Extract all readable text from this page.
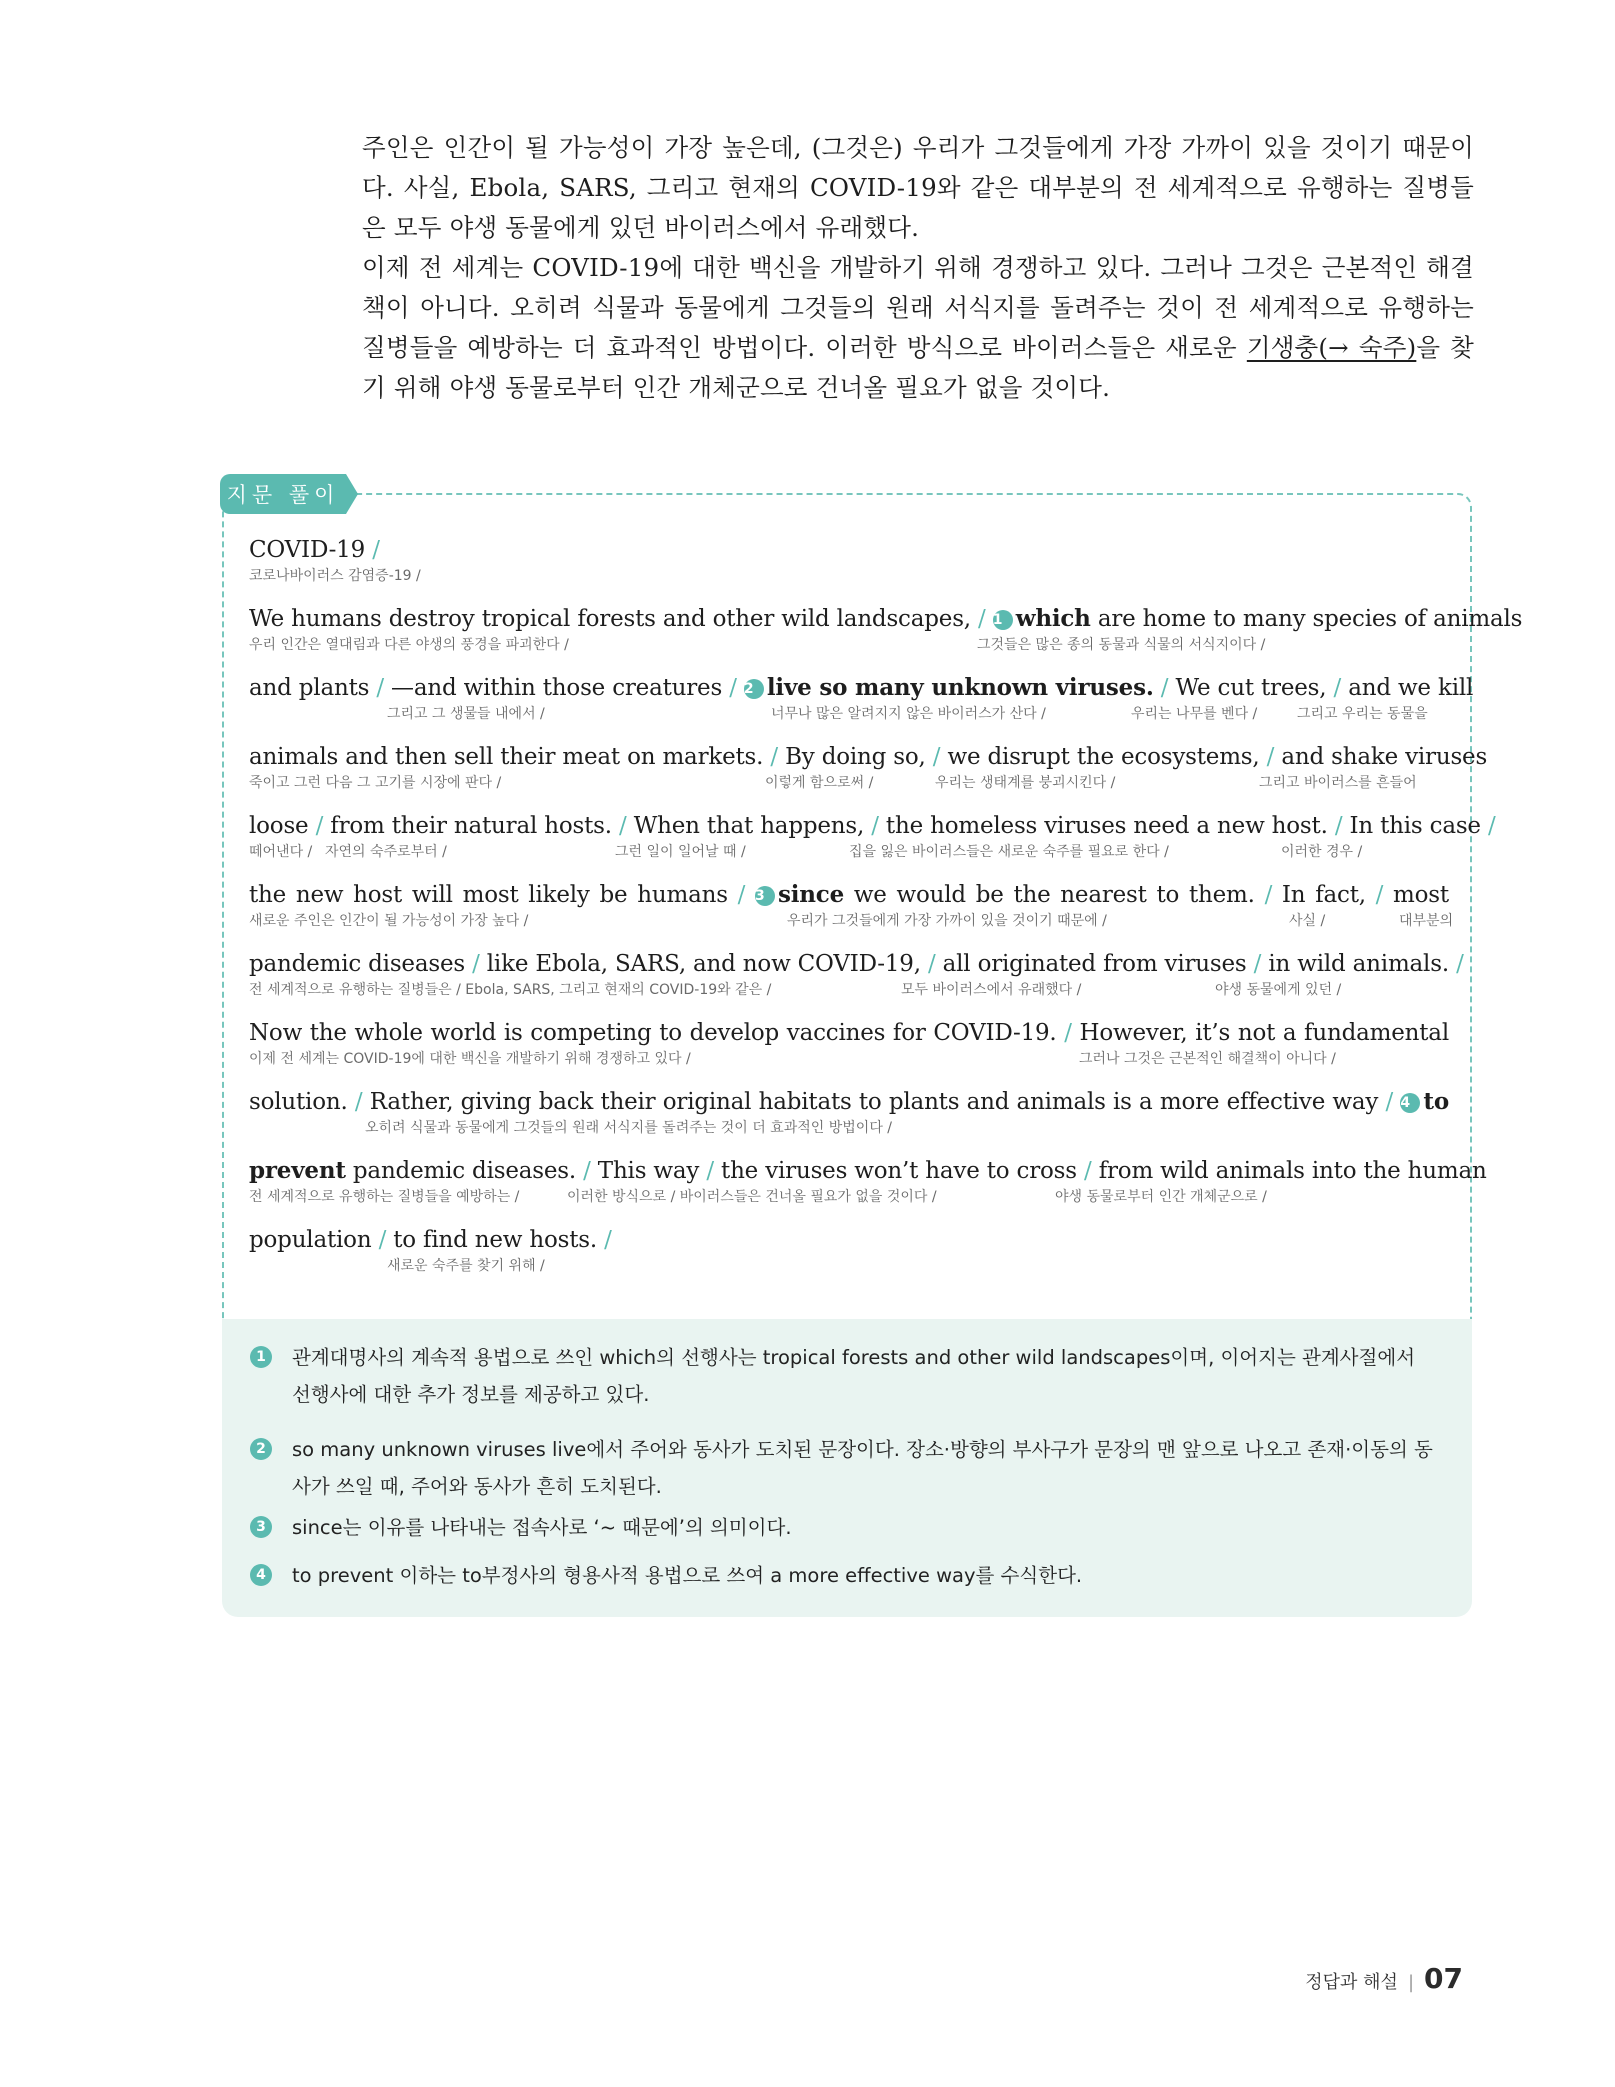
주인은 인간이 될 가능성이 가장 높은데, (그것은) 우리가 그것들에게 가장 가까이 있을 것이기 때문이다. 사실, Ebola, SARS, 그리고 현재의 COVID-19와 같은 대부분의 전 세계적으로 유행하는 질병들은 모두 야생 동물에게 있던 바이러스에서 유래했다.

이제 전 세계는 COVID-19에 대한 백신을 개발하기 위해 경쟁하고 있다. 그러나 그것은 근본적인 해결책이 아니다. 오히려 식물과 동물에게 그것들의 원래 서식지를 돌려주는 것이 전 세계적으로 유행하는 질병들을 예방하는 더 효과적인 방법이다. 이러한 방식으로 바이러스들은 새로운 기생충(→ 숙주)을 찾기 위해 야생 동물로부터 인간 개체군으로 건너올 필요가 없을 것이다.

지문 풀이
COVID-19 /
코로나바이러스 감염증-19 /
We humans destroy tropical forests and other wild landscapes, / 1 which are home to many species of animals
우리 인간은 열대림과 다른 야생의 풍경을 파괴한다 /	그것들은 많은 종의 동물과 식물의 서식지이다 /
and plants / —and within those creatures / 2 live so many unknown viruses. / We cut trees, / and we kill
그리고 그 생물들 내에서 /	너무나 많은 알려지지 않은 바이러스가 산다 /	우리는 나무를 벤다 /	그리고 우리는 동물을
animals and then sell their meat on markets. / By doing so, / we disrupt the ecosystems, / and shake viruses
죽이고 그런 다음 그 고기를 시장에 판다 /	이렇게 함으로써 /	우리는 생태계를 붕괴시킨다 /	그리고 바이러스를 흔들어
loose / from their natural hosts. / When that happens, / the homeless viruses need a new host. / In this case /
떼어낸다 / 자연의 숙주로부터 /	그런 일이 일어날 때 /	집을 잃은 바이러스들은 새로운 숙주를 필요로 한다 /	이러한 경우 /
the new host will most likely be humans / 3 since we would be the nearest to them. / In fact, / most
새로운 주인은 인간이 될 가능성이 가장 높다 /	우리가 그것들에게 가장 가까이 있을 것이기 때문에 /	사실 /	대부분의
pandemic diseases / like Ebola, SARS, and now COVID-19, / all originated from viruses / in wild animals. /
전 세계적으로 유행하는 질병들은 / Ebola, SARS, 그리고 현재의 COVID-19와 같은 /	모두 바이러스에서 유래했다 /	야생 동물에게 있던 /
Now the whole world is competing to develop vaccines for COVID-19. / However, it’s not a fundamental
이제 전 세계는 COVID-19에 대한 백신을 개발하기 위해 경쟁하고 있다 /	그러나 그것은 근본적인 해결책이 아니다 /
solution. / Rather, giving back their original habitats to plants and animals is a more effective way / 4 to
오히려 식물과 동물에게 그것들의 원래 서식지를 돌려주는 것이 더 효과적인 방법이다 /
prevent pandemic diseases. / This way / the viruses won’t have to cross / from wild animals into the human
전 세계적으로 유행하는 질병들을 예방하는 /	이러한 방식으로 / 바이러스들은 건너올 필요가 없을 것이다 /	야생 동물로부터 인간 개체군으로 /
population / to find new hosts. /
새로운 숙주를 찾기 위해 /
1	관계대명사의 계속적 용법으로 쓰인 which의 선행사는 tropical forests and other wild landscapes이며, 이어지는 관계사절에서 선행사에 대한 추가 정보를 제공하고 있다.
2	so many unknown viruses live에서 주어와 동사가 도치된 문장이다. 장소·방향의 부사구가 문장의 맨 앞으로 나오고 존재·이동의 동사가 쓰일 때, 주어와 동사가 흔히 도치된다.
3	since는 이유를 나타내는 접속사로 ‘~ 때문에’의 의미이다.
4	to prevent 이하는 to부정사의 형용사적 용법으로 쓰여 a more effective way를 수식한다.
정답과 해설 | 07
